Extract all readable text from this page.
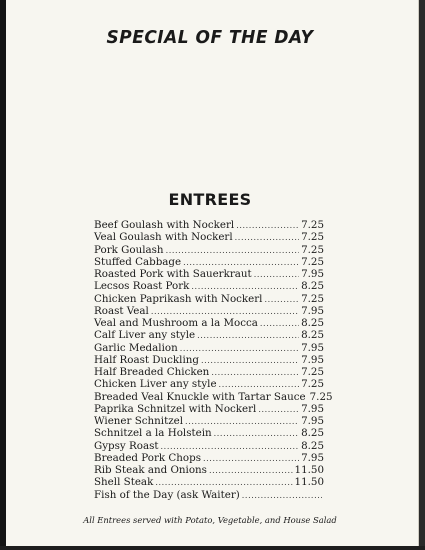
SPECIAL OF THE DAY
ENTREES
Beef Goulash with Nockerl .....	7.25
Veal Goulash with Nockerl .....	7.25
Pork Goulash .....	7.25
Stuffed Cabbage .....	7.25
Roasted Pork with Sauerkraut .....	7.95
Lecsos Roast Pork .....	8.25
Chicken Paprikash with Nockerl .....	7.25
Roast Veal .....	7.95
Veal and Mushroom a la Mocca .....	8.25
Calf Liver any style .....	8.25
Garlic Medalion .....	7.95
Half Roast Duckling .....	7.95
Half Breaded Chicken .....	7.25
Chicken Liver any style .....	7.25
Breaded Veal Knuckle with Tartar Sauce 7.25
Paprika Schnitzel with Nockerl .....	7.95
Wiener Schnitzel .....	7.95
Schnitzel a la Holstein .....	8.25
Gypsy Roast .....	8.25
Breaded Pork Chops .....	7.95
Rib Steak and Onions .....	11.50
Shell Steak .....	11.50
Fish of the Day (ask Waiter)
.....
All Entrees served with Potato, Vegetable, and House Salad
